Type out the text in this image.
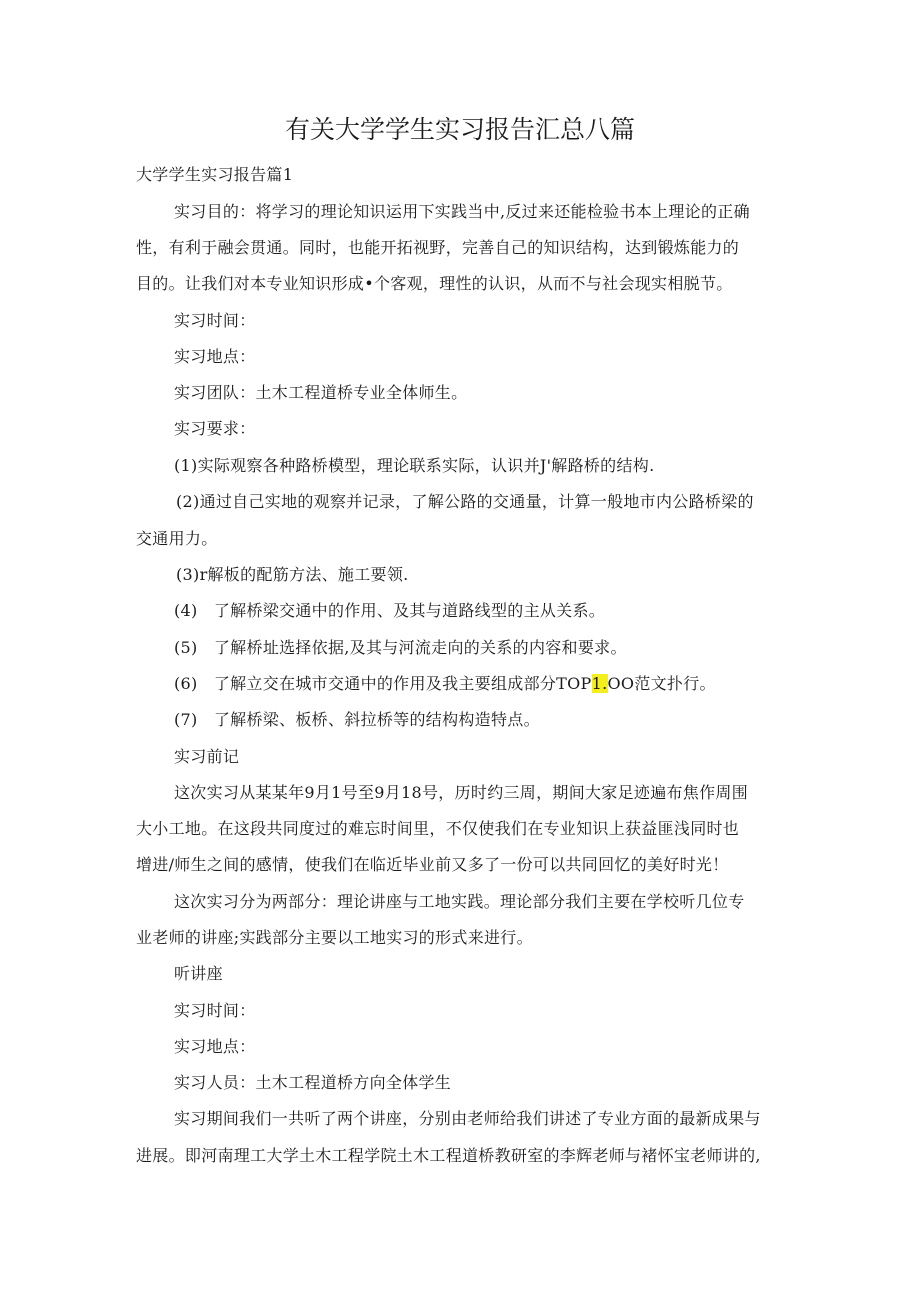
有关大学学生实习报告汇总八篇
大学学生实习报告篇1
实习目的：将学习的理论知识运用下实践当中,反过来还能检验书本上理论的正确
性，有利于融会贯通。同时，也能开拓视野，完善自己的知识结构，达到锻炼能力的
目的。让我们对本专业知识形成•个客观，理性的认识，从而不与社会现实相脱节。
实习时间：
实习地点：
实习团队：土木工程道桥专业全体师生。
实习要求：
(1)实际观察各种路桥模型，理论联系实际，认识并J'解路桥的结构.
(2)通过自己实地的观察并记录，了解公路的交通量，计算一般地市内公路桥梁的
交通用力。
(3)r解板的配筋方法、施工要领.
(4)　了解桥梁交通中的作用、及其与道路线型的主从关系。
(5)　了解桥址选择依据,及其与河流走向的关系的内容和要求。
(6)　了解立交在城市交通中的作用及我主要组成部分TOP1.OO范文扑行。
(7)　了解桥梁、板桥、斜拉桥等的结构构造特点。
实习前记
这次实习从某某年9月1号至9月18号，历时约三周，期间大家足迹遍布焦作周围
大小工地。在这段共同度过的难忘时间里，不仅使我们在专业知识上获益匪浅同时也
增进/师生之间的感情，使我们在临近毕业前又多了一份可以共同回忆的美好时光！
这次实习分为两部分：理论讲座与工地实践。理论部分我们主要在学校听几位专
业老师的讲座;实践部分主要以工地实习的形式来进行。
听讲座
实习时间：
实习地点：
实习人员：土木工程道桥方向全体学生
实习期间我们一共听了两个讲座，分别由老师给我们讲述了专业方面的最新成果与
进展。即河南理工大学土木工程学院土木工程道桥教研室的李辉老师与褚怀宝老师讲的,
